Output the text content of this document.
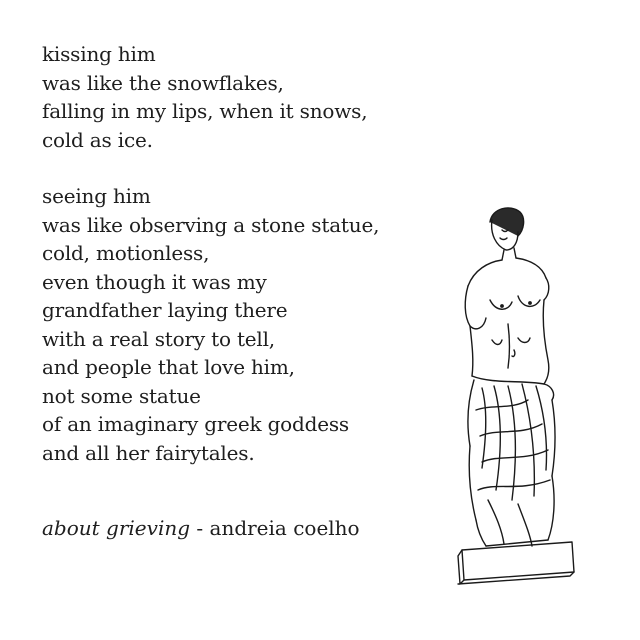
kissing him
was like the snowflakes,
falling in my lips, when it snows,
cold as ice.
seeing him
was like observing a stone statue,
cold, motionless,
even though it was my
grandfather laying there
with a real story to tell,
and people that love him,
not some statue
of an imaginary greek goddess
and all her fairytales.
about grieving - andreia coelho
